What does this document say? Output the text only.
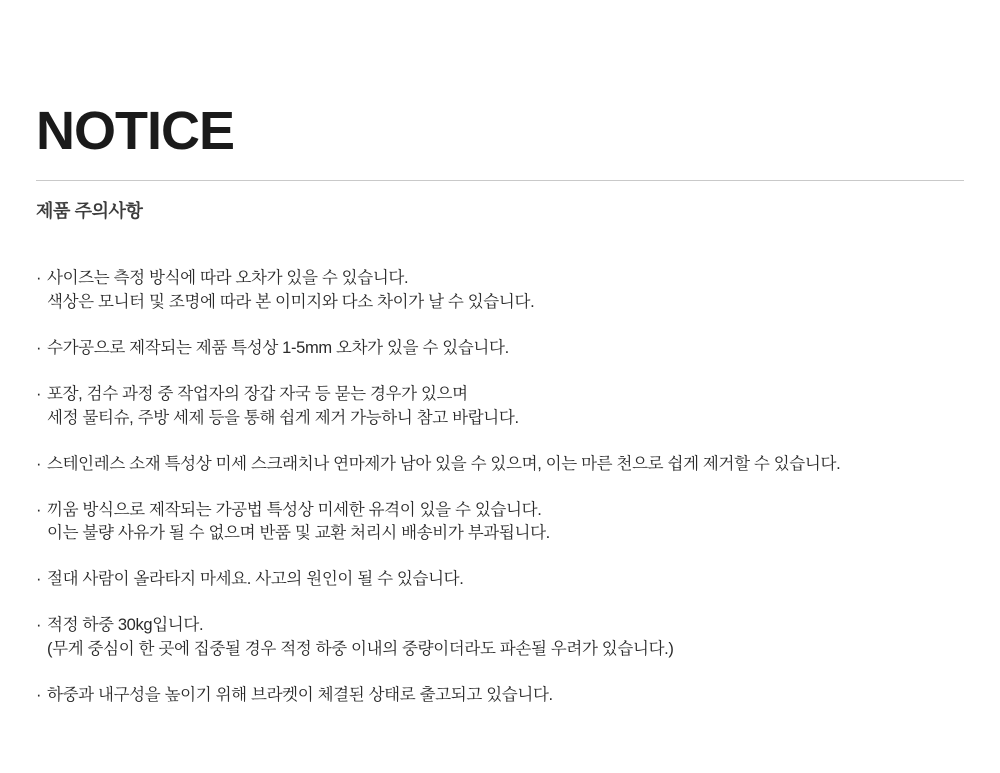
NOTICE
제품 주의사항
· 사이즈는 측정 방식에 따라 오차가 있을 수 있습니다.
색상은 모니터 및 조명에 따라 본 이미지와 다소 차이가 날 수 있습니다.
· 수가공으로 제작되는 제품 특성상 1-5mm 오차가 있을 수 있습니다.
· 포장, 검수 과정 중 작업자의 장갑 자국 등 묻는 경우가 있으며
세정 물티슈, 주방 세제 등을 통해 쉽게 제거 가능하니 참고 바랍니다.
· 스테인레스 소재 특성상 미세 스크래치나 연마제가 남아 있을 수 있으며, 이는 마른 천으로 쉽게 제거할 수 있습니다.
· 끼움 방식으로 제작되는 가공법 특성상 미세한 유격이 있을 수 있습니다.
이는 불량 사유가 될 수 없으며 반품 및 교환 처리시 배송비가 부과됩니다.
· 절대 사람이 올라타지 마세요. 사고의 원인이 될 수 있습니다.
· 적정 하중 30kg입니다.
(무게 중심이 한 곳에 집중될 경우 적정 하중 이내의 중량이더라도 파손될 우려가 있습니다.)
· 하중과 내구성을 높이기 위해 브라켓이 체결된 상태로 출고되고 있습니다.
